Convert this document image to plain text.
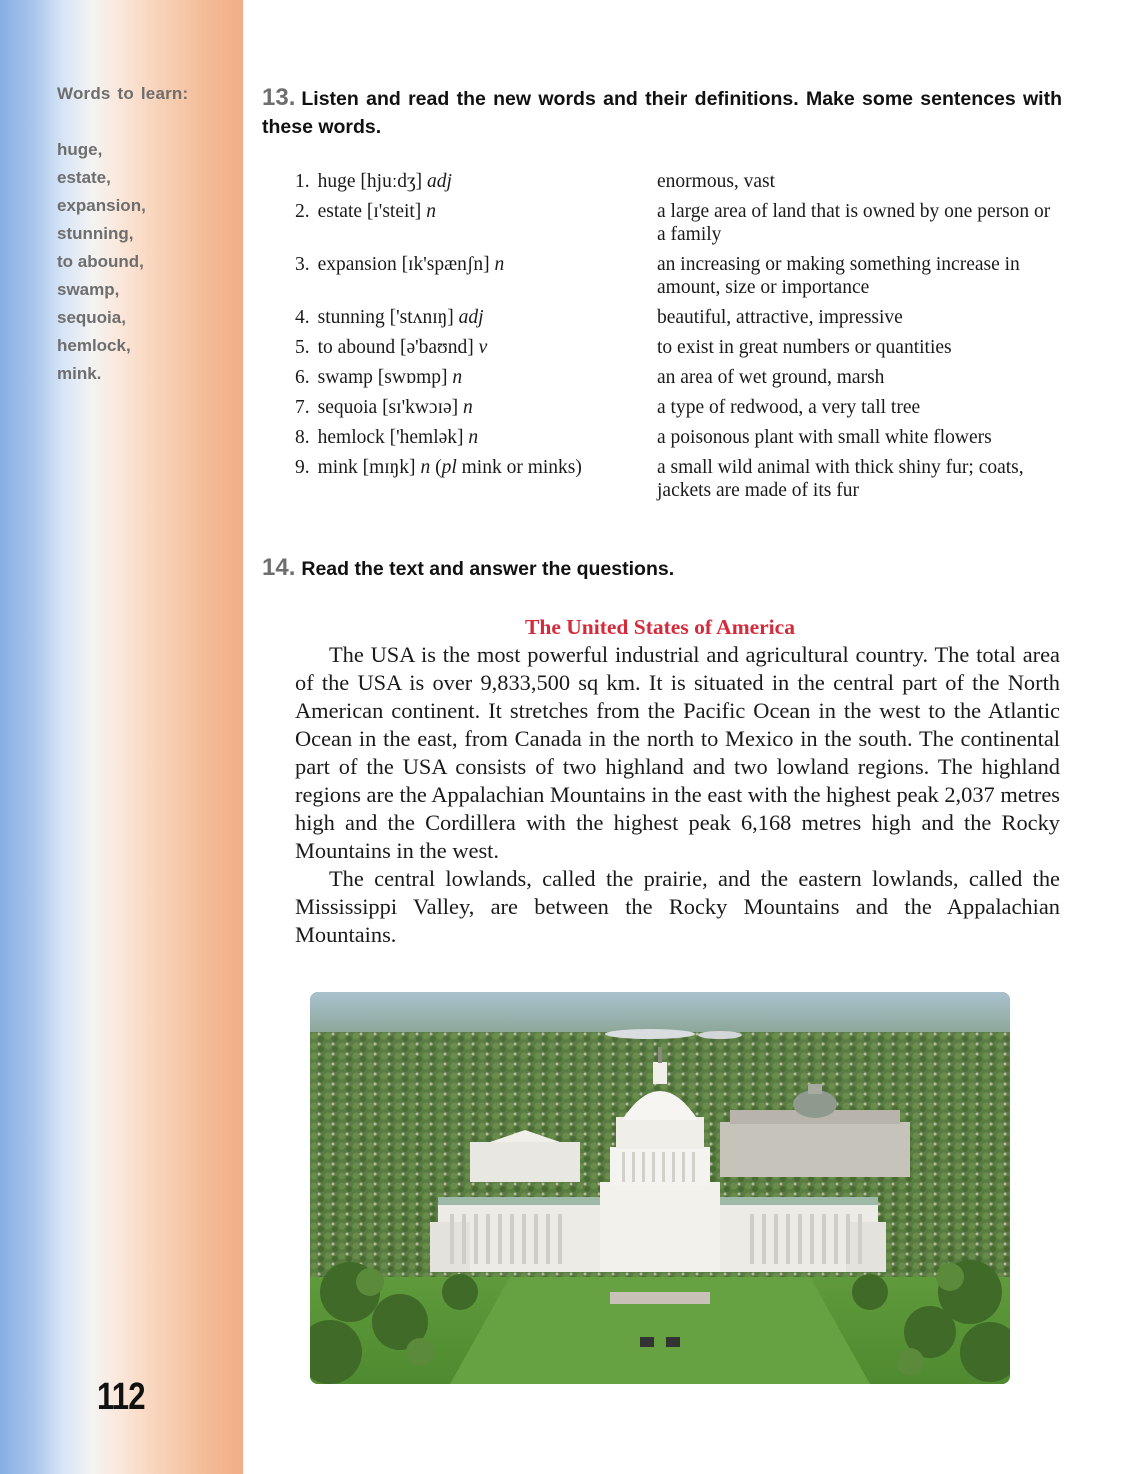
Words to learn:
huge,
estate,
expansion,
stunning,
to abound,
swamp,
sequoia,
hemlock,
mink.
112
13. Listen and read the new words and their definitions. Make some sentences with these words.
1. huge [hjuːdʒ] adj	enormous, vast
2. estate [ɪ'steit] n	a large area of land that is owned by one person or a family
3. expansion [ɪk'spænʃn] n	an increasing or making something increase in amount, size or importance
4. stunning ['stʌnɪŋ] adj	beautiful, attractive, impressive
5. to abound [ə'baʊnd] v	to exist in great numbers or quantities
6. swamp [swɒmp] n	an area of wet ground, marsh
7. sequoia [sɪ'kwɔɪə] n	a type of redwood, a very tall tree
8. hemlock ['hemlək] n	a poisonous plant with small white flowers
9. mink [mɪŋk] n (pl mink or minks)	a small wild animal with thick shiny fur; coats, jackets are made of its fur
14. Read the text and answer the questions.
The United States of America

The USA is the most powerful industrial and agricultural country. The total area of the USA is over 9,833,500 sq km. It is situated in the central part of the North American continent. It stretches from the Pacific Ocean in the west to the Atlantic Ocean in the east, from Canada in the north to Mexico in the south. The continental part of the USA consists of two highland and two lowland regions. The highland regions are the Appalachian Mountains in the east with the highest peak 2,037 metres high and the Cordillera with the highest peak 6,168 metres high and the Rocky Mountains in the west.

The central lowlands, called the prairie, and the eastern lowlands, called the Mississippi Valley, are between the Rocky Mountains and the Appalachian Mountains.
